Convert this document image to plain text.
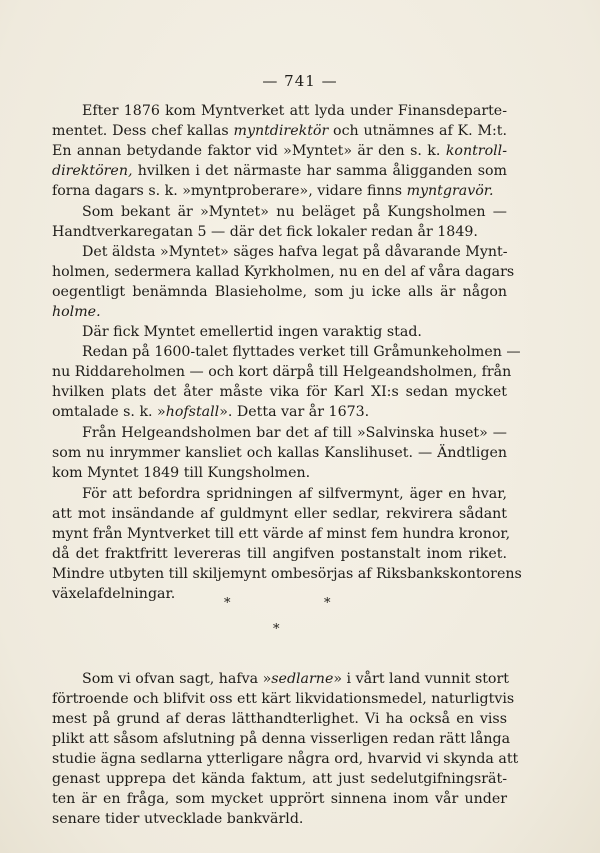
— 741 —
Efter 1876 kom Myntverket att lyda under Finansdeparte-
mentet. Dess chef kallas myntdirektör och utnämnes af K. M:t.
En annan betydande faktor vid »Myntet» är den s. k. kontroll-
direktören, hvilken i det närmaste har samma åligganden som
forna dagars s. k. »myntproberare», vidare finns myntgravör.
Som bekant är »Myntet» nu beläget på Kungsholmen —
Handtverkaregatan 5 — där det fick lokaler redan år 1849.
Det äldsta »Myntet» säges hafva legat på dåvarande Mynt-
holmen, sedermera kallad Kyrkholmen, nu en del af våra dagars
oegentligt benämnda Blasieholme, som ju icke alls är någon
holme.
Där fick Myntet emellertid ingen varaktig stad.
Redan på 1600-talet flyttades verket till Gråmunkeholmen —
nu Riddareholmen — och kort därpå till Helgeandsholmen, från
hvilken plats det åter måste vika för Karl XI:s sedan mycket
omtalade s. k. »hofstall». Detta var år 1673.
Från Helgeandsholmen bar det af till »Salvinska huset» —
som nu inrymmer kansliet och kallas Kanslihuset. — Ändtligen
kom Myntet 1849 till Kungsholmen.
För att befordra spridningen af silfvermynt, äger en hvar,
att mot insändande af guldmynt eller sedlar, rekvirera sådant
mynt från Myntverket till ett värde af minst fem hundra kronor,
då det fraktfritt levereras till angifven postanstalt inom riket.
Mindre utbyten till skiljemynt ombesörjas af Riksbankskontorens
växelafdelningar.
*	*
*
Som vi ofvan sagt, hafva »sedlarne» i vårt land vunnit stort
förtroende och blifvit oss ett kärt likvidationsmedel, naturligtvis
mest på grund af deras lätthandterlighet. Vi ha också en viss
plikt att såsom afslutning på denna visserligen redan rätt långa
studie ägna sedlarna ytterligare några ord, hvarvid vi skynda att
genast upprepa det kända faktum, att just sedelutgifningsrät-
ten är en fråga, som mycket upprört sinnena inom vår under
senare tider utvecklade bankvärld.
